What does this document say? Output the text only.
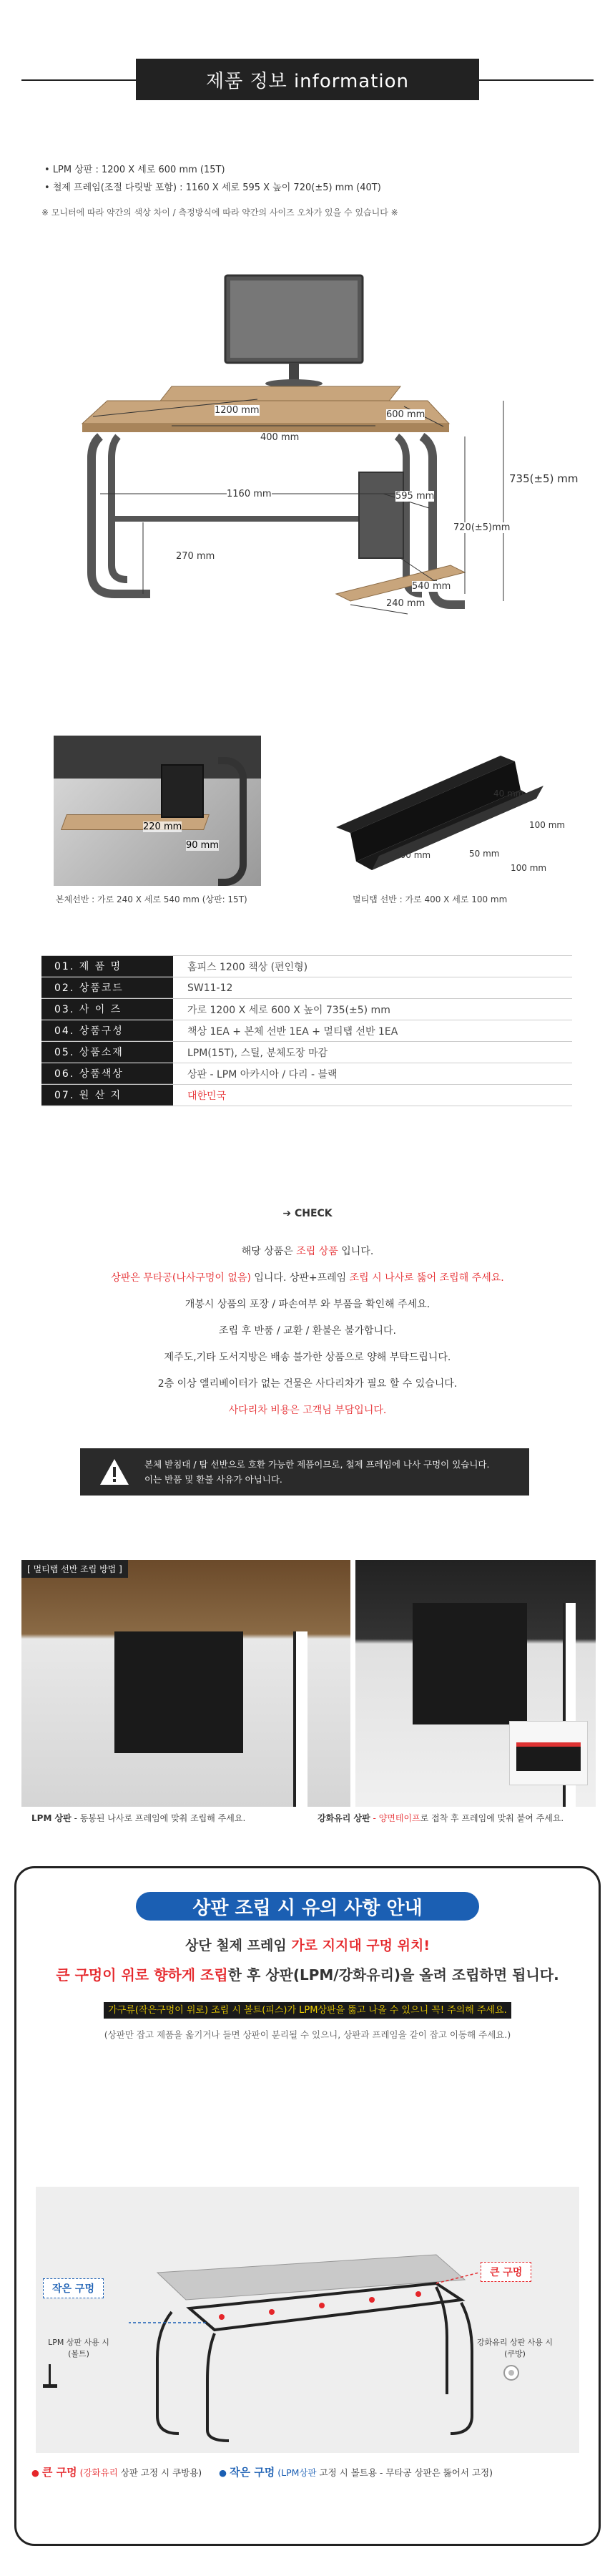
제품 정보 information
• LPM 상판 : 1200 X 세로 600 mm (15T)
• 철제 프레임(조절 다릿발 포함) : 1160 X 세로 595 X 높이 720(±5) mm (40T)
※ 모니터에 따라 약간의 색상 차이 / 측정방식에 따라 약간의 사이즈 오차가 있을 수 있습니다 ※
1200 mm	600 mm
400 mm
1160 mm	595 mm
735(±5) mm
720(±5)mm
270 mm
540 mm
240 mm
220 mm
90 mm
본체선반 : 가로 240 X 세로 540 mm (상판: 15T)
40 mm
100 mm
400 mm	50 mm
100 mm
멀티탭 선반 : 가로 400 X 세로 100 mm
01. 제 품 명	홈피스 1200 책상 (편인형)
02. 상품코드	SW11-12
03. 사 이 즈	가로 1200 X 세로 600 X 높이 735(±5) mm
04. 상품구성	책상 1EA + 본체 선반 1EA + 멀티탭 선반 1EA
05. 상품소재	LPM(15T), 스틸, 분체도장 마감
06. 상품색상	상판 - LPM 아카시아 / 다리 - 블랙
07. 원 산 지	대한민국
➔ CHECK
해당 상품은 조립 상품 입니다.
상판은 무타공(나사구멍이 없음) 입니다. 상판+프레임 조립 시 나사로 뚫어 조립해 주세요.
개봉시 상품의 포장 / 파손여부 와 부품을 확인해 주세요.
조립 후 반품 / 교환 / 환불은 불가합니다.
제주도,기타 도서지방은 배송 불가한 상품으로 양해 부탁드립니다.
2층 이상 엘리베이터가 없는 건물은 사다리차가 필요 할 수 있습니다.
사다리차 비용은 고객님 부담입니다.
본체 받침대 / 탑 선반으로 호환 가능한 제품이므로, 철제 프레임에 나사 구멍이 있습니다.
이는 반품 및 환불 사유가 아닙니다.
[ 멀티탭 선반 조립 방법 ]
LPM 상판 - 동봉된 나사로 프레임에 맞춰 조립해 주세요.	강화유리 상판 - 양면테이프로 접착 후 프레임에 맞춰 붙여 주세요.
상판 조립 시 유의 사항 안내
상단 철제 프레임 가로 지지대 구멍 위치!
큰 구멍이 위로 향하게 조립한 후 상판(LPM/강화유리)을 올려 조립하면 됩니다.
가구류(작은구멍이 위로) 조립 시 볼트(피스)가 LPM상판을 뚫고 나올 수 있으니 꼭! 주의해 주세요.
(상판만 잡고 제품을 옮기거나 들면 상판이 분리될 수 있으니, 상판과 프레임을 같이 잡고 이동해 주세요.)
작은 구멍
큰 구멍
LPM 상판 사용 시
(볼트)
강화유리 상판 사용 시
(쿠방)
● 큰 구멍 (강화유리 상판 고정 시 쿠방용) ● 작은 구멍 (LPM상판 고정 시 볼트용 - 무타공 상판은 뚫어서 고정)
